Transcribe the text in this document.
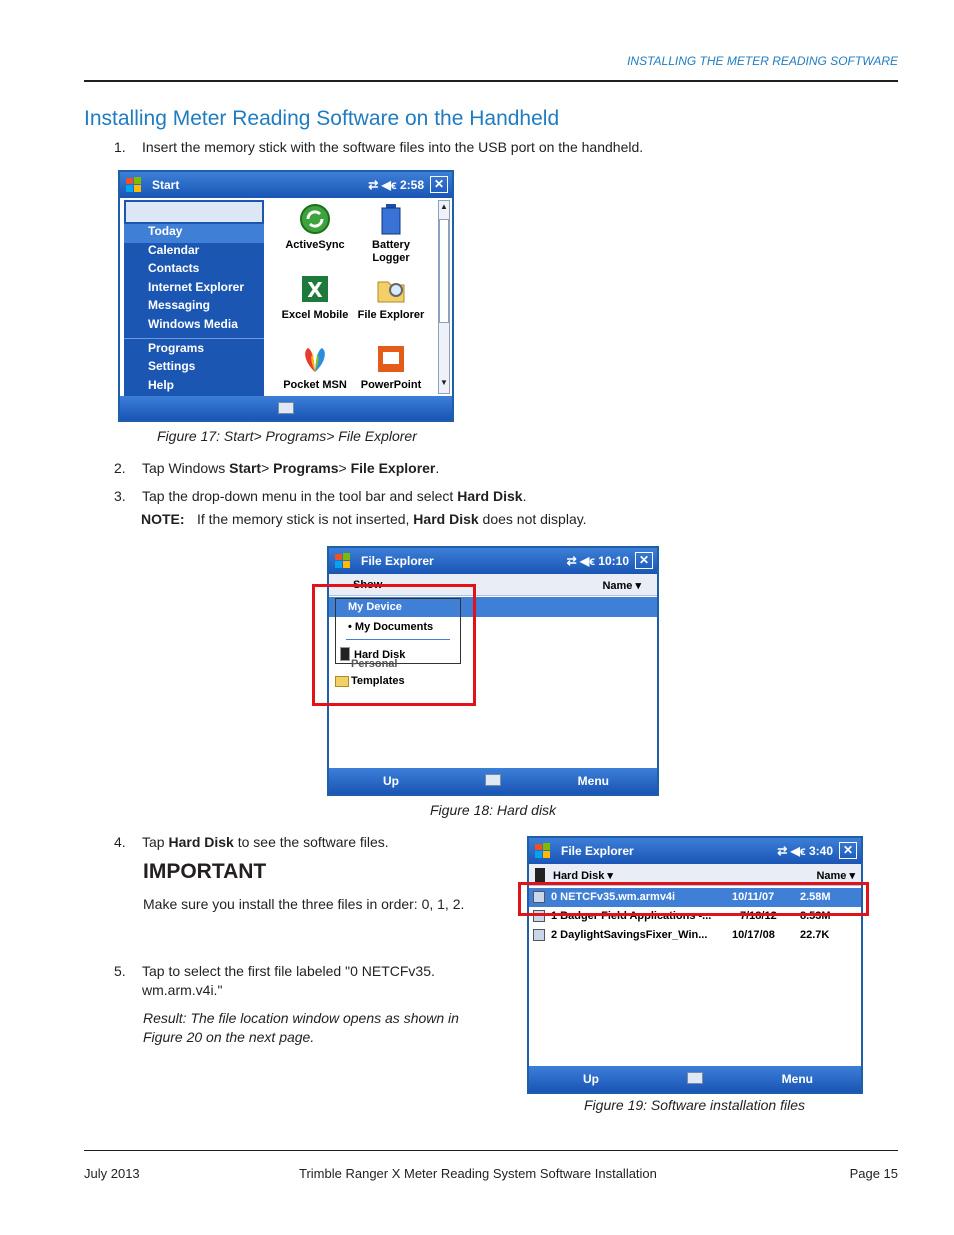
INSTALLING THE METER READING SOFTWARE
Installing Meter Reading Software on the Handheld
1.	Insert the memory stick with the software files into the USB port on the handheld.
Start	⇄ ◀ϵ 2:58 ✕
Today
Calendar
Contacts
Internet Explorer
Messaging
Windows Media
Programs
Settings
Help
ActiveSync	Battery Logger
X
Excel Mobile File Explorer
Pocket MSN	PowerPoint
▲
▼
Figure 17: Start> Programs> File Explorer
2.	Tap Windows Start> Programs> File Explorer.
3.	Tap the drop-down menu in the tool bar and select Hard Disk.
NOTE: If the memory stick is not inserted, Hard Disk does not display.
File Explorer	⇄ ◀ϵ 10:10 ✕
Show	Name ▾
My Device
• My Documents
Hard Disk
Personal
Templates
Up	Menu
Figure 18: Hard disk
4.	Tap Hard Disk to see the software files.
IMPORTANT
Make sure you install the three files in order: 0, 1, 2.
5.	Tap to select the first file labeled "0 NETCFv35.
wm.arm.v4i."
Result: The file location window opens as shown in
Figure 20 on the next page.
File Explorer	⇄ ◀ϵ 3:40 ✕
Hard Disk ▾	Name ▾
0 NETCFv35.wm.armv4i	10/11/07 2.58M
1 Badger Field Applications -...	7/18/12 8.53M
2 DaylightSavingsFixer_Win... 10/17/08 22.7K
Up	Menu
Figure 19: Software installation files
July 2013	Trimble Ranger X Meter Reading System Software Installation	Page 15
